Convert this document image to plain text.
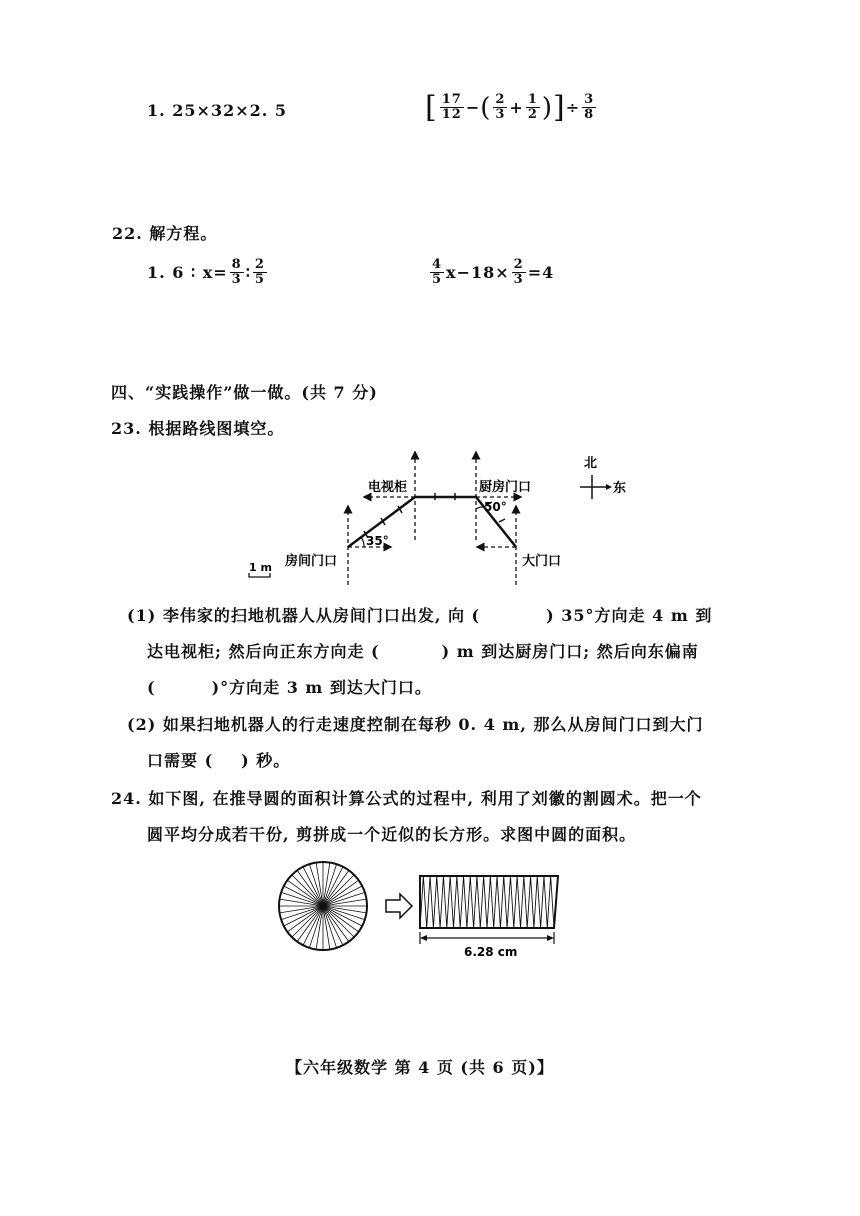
1. 25×32×2. 5	[ $\frac{17}{12}$ − ( $\frac{2}{3} + \frac{1}{2}$ ) ] ÷ $\frac{3}{8}$
22. 解方程。
1. 6 ∶ $x= \frac{8}{3}$ ∶ $\frac{2}{5}$	$\frac{4}{5} x-18\times \frac{2}{3} =4$
四、“实践操作”做一做。(共 7 分)
23. 根据路线图填空。
电视柜	厨房门口
50°
35°
房间门口	大门口
1 m
北
东
(1) 李伟家的扫地机器人从房间门口出发, 向 (	) 35°方向走 4 m 到
达电视柜; 然后向正东方向走 (	) m 到达厨房门口; 然后向东偏南
(	)°方向走 3 m 到达大门口。
(2) 如果扫地机器人的行走速度控制在每秒 0. 4 m, 那么从房间门口到大门
口需要 ( ) 秒。
24. 如下图, 在推导圆的面积计算公式的过程中, 利用了刘徽的割圆术。把一个
圆平均分成若干份, 剪拼成一个近似的长方形。求图中圆的面积。
6.28 cm
【六年级数学 第 4 页 (共 6 页)】
